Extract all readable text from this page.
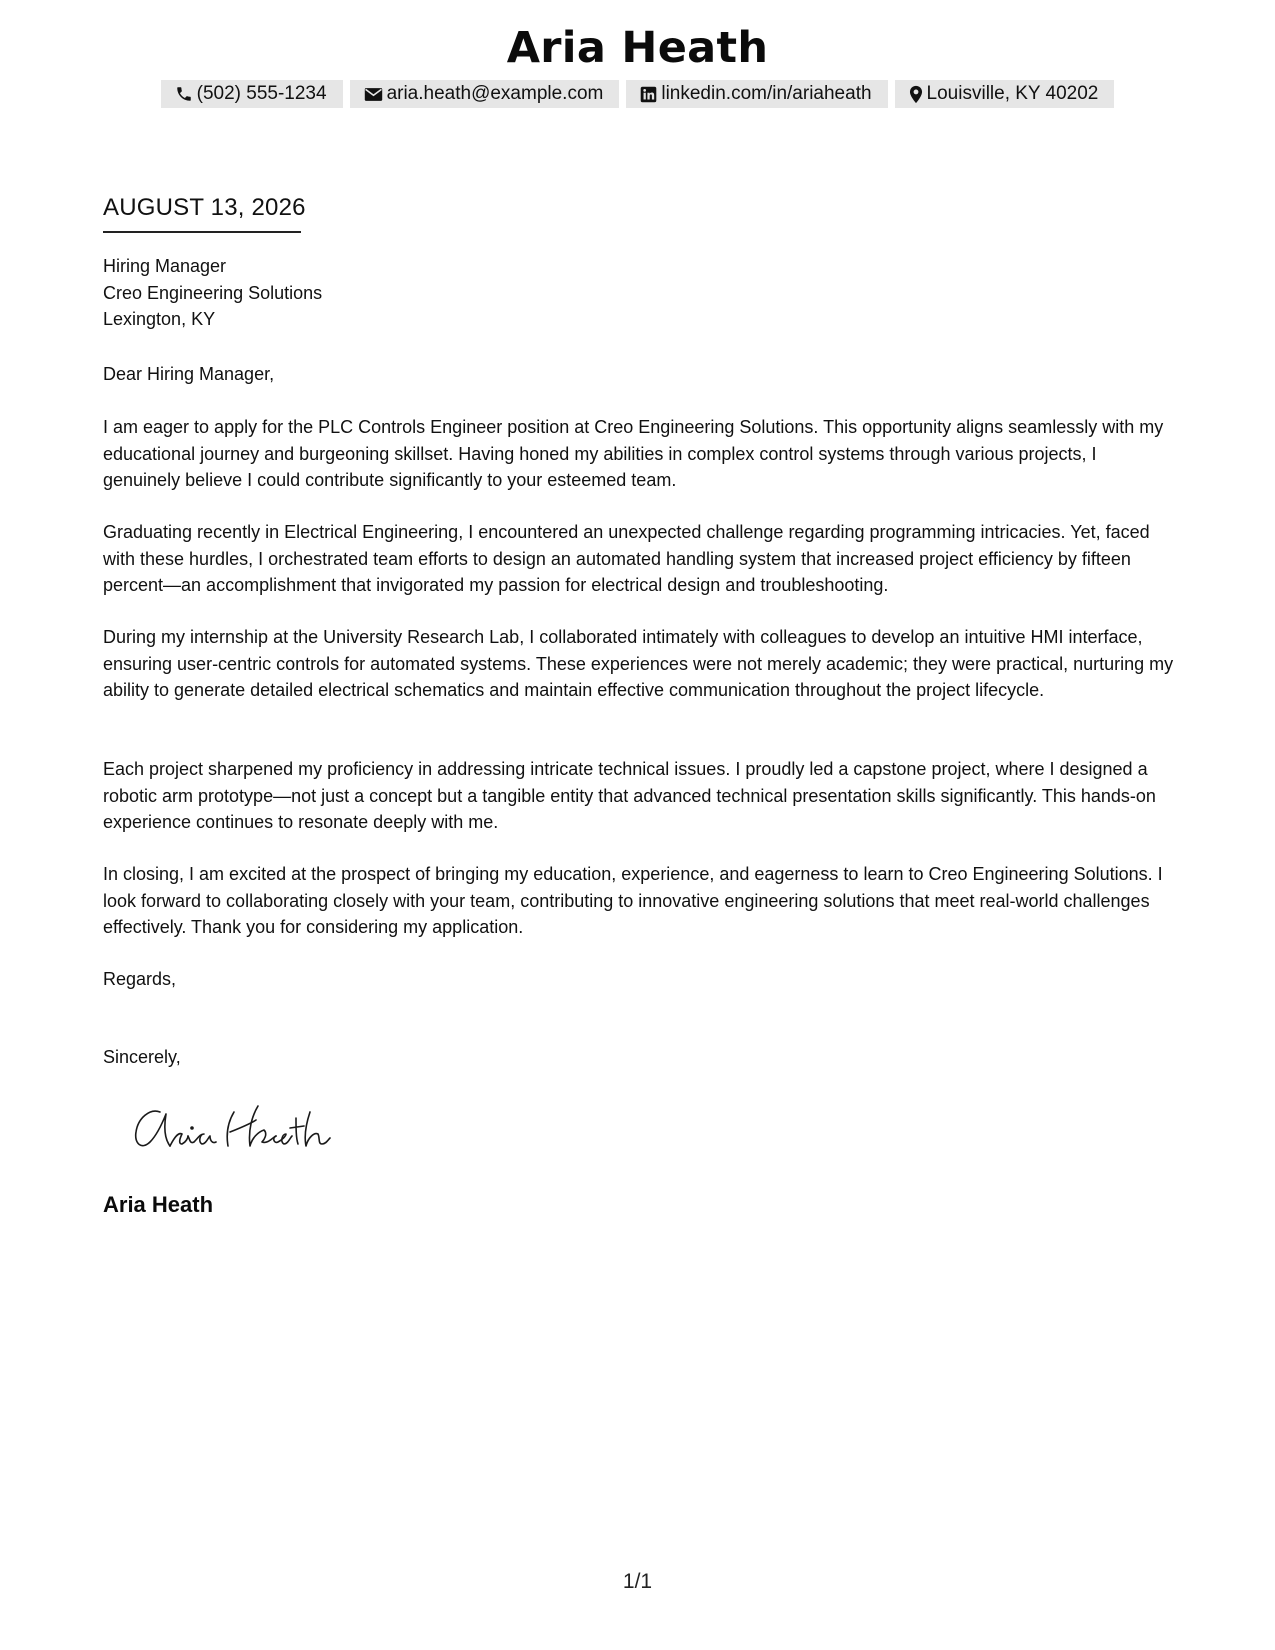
Aria Heath
(502) 555-1234	aria.heath@example.com	linkedin.com/in/ariaheath	Louisville, KY 40202
AUGUST 13, 2026
Hiring Manager
Creo Engineering Solutions
Lexington, KY
Dear Hiring Manager,

I am eager to apply for the PLC Controls Engineer position at Creo Engineering Solutions. This opportunity aligns seamlessly with my educational journey and burgeoning skillset. Having honed my abilities in complex control systems through various projects, I genuinely believe I could contribute significantly to your esteemed team.

Graduating recently in Electrical Engineering, I encountered an unexpected challenge regarding programming intricacies. Yet, faced with these hurdles, I orchestrated team efforts to design an automated handling system that increased project efficiency by fifteen percent—an accomplishment that invigorated my passion for electrical design and troubleshooting.

During my internship at the University Research Lab, I collaborated intimately with colleagues to develop an intuitive HMI interface, ensuring user-centric controls for automated systems. These experiences were not merely academic; they were practical, nurturing my ability to generate detailed electrical schematics and maintain effective communication throughout the project lifecycle.

Each project sharpened my proficiency in addressing intricate technical issues. I proudly led a capstone project, where I designed a robotic arm prototype—not just a concept but a tangible entity that advanced technical presentation skills significantly. This hands-on experience continues to resonate deeply with me.

In closing, I am excited at the prospect of bringing my education, experience, and eagerness to learn to Creo Engineering Solutions. I look forward to collaborating closely with your team, contributing to innovative engineering solutions that meet real-world challenges effectively. Thank you for considering my application.

Regards,
Sincerely,
Aria Heath
1/1
